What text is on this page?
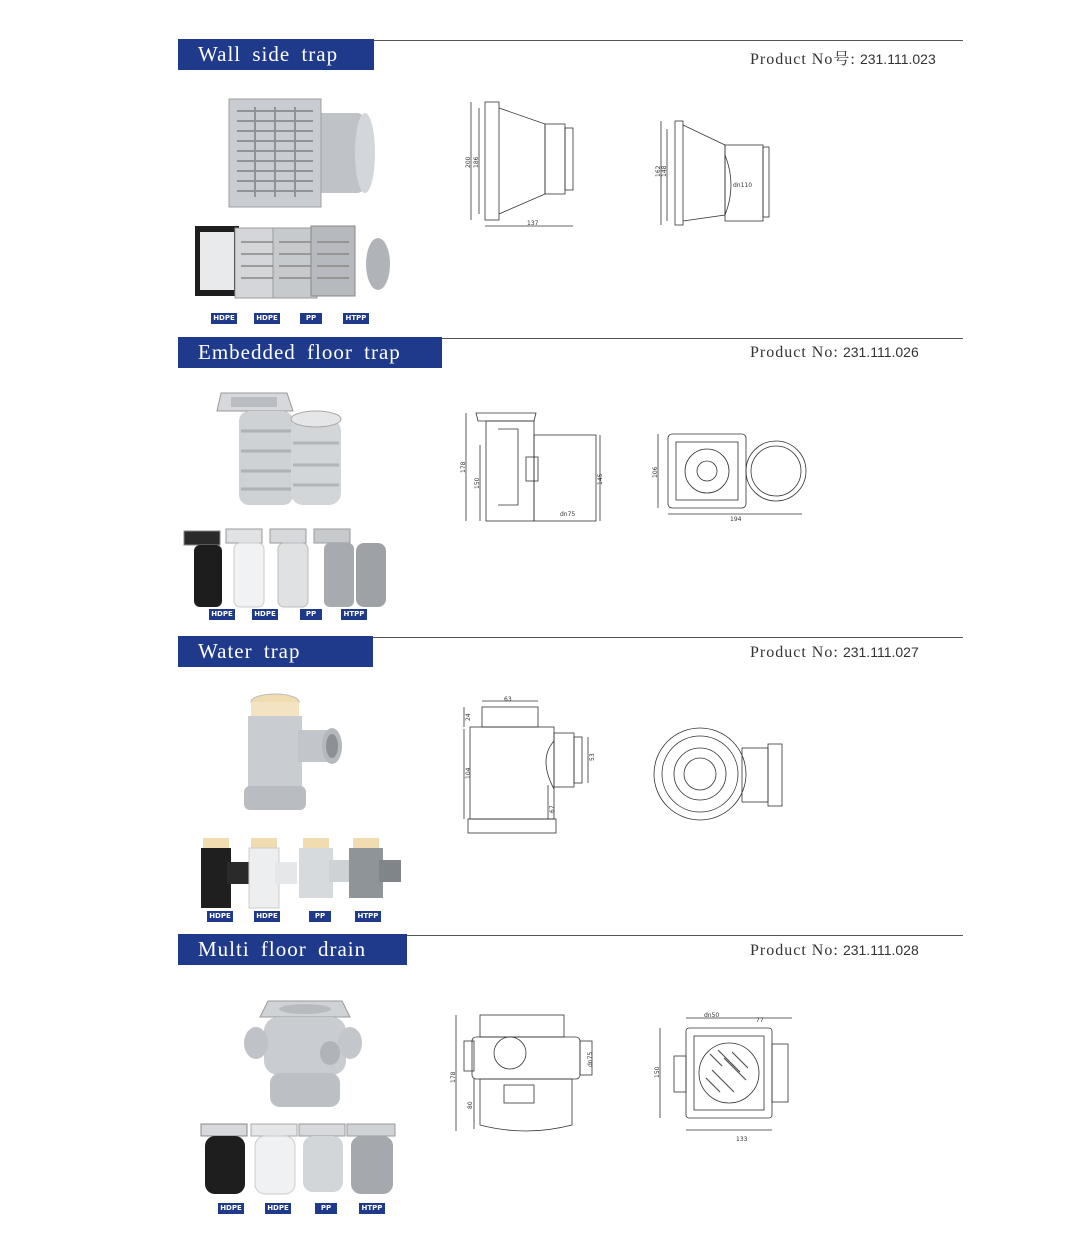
Wall side trap	Product No号: 231.111.023
HDPE	HDPE	PP	HTPP
200 186
137
162 148
dn110
Embedded floor trap	Product No: 231.111.026
HDPE	HDPE	PP	HTPP
178
150	145
dn75
106
194
Water trap	Product No: 231.111.027
HDPE	HDPE	PP	HTPP
63
24
104
53
67
Multi floor drain	Product No: 231.111.028
HDPE	HDPE	PP	HTPP
178
80
dn75
dn50
77
150
133
